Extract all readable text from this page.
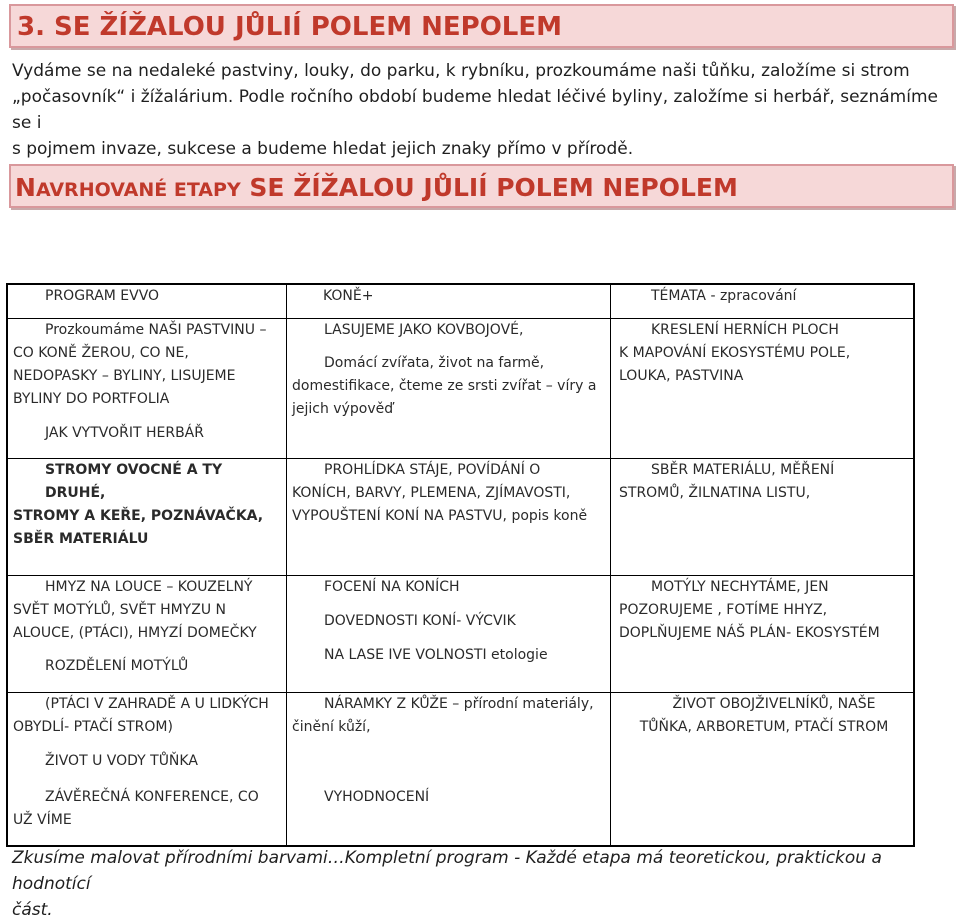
3. SE ŽÍŽALOU JŮLIÍ POLEM NEPOLEM

Vydáme se na nedaleké pastviny, louky, do parku, k rybníku, prozkoumáme naši tůňku, založíme si strom

„počasovník“ i žížalárium. Podle ročního období budeme hledat léčivé byliny, založíme si herbář, seznámíme se i

s pojmem invaze, sukcese a budeme hledat jejich znaky přímo v přírodě.

NAVRHOVANÉ ETAPY SE ŽÍŽALOU JŮLIÍ POLEM NEPOLEM

PROGRAM EVVO	KONĚ+	TÉMATA - zpracování

Prozkoumáme NAŠI PASTVINU –

CO KONĚ ŽEROU, CO NE,

NEDOPASKY – BYLINY, LISUJEME

BYLINY DO PORTFOLIA

JAK VYTVOŘIT HERBÁŘ

LASUJEME JAKO KOVBOJOVÉ,

Domácí zvířata, život na farmě,

domestifikace, čteme ze srsti zvířat – víry a

jejich výpověď

KRESLENÍ HERNÍCH PLOCH

K MAPOVÁNÍ EKOSYSTÉMU POLE,

LOUKA, PASTVINA

STROMY OVOCNÉ A TY DRUHÉ,

STROMY A KEŘE, POZNÁVAČKA,

SBĚR MATERIÁLU

PROHLÍDKA STÁJE, POVÍDÁNÍ O

KONÍCH, BARVY, PLEMENA, ZJÍMAVOSTI,

VYPOUŠTENÍ KONÍ NA PASTVU, popis koně

SBĚR MATERIÁLU, MĚŘENÍ

STROMŮ, ŽILNATINA LISTU,

HMYZ NA LOUCE – KOUZELNÝ

SVĚT MOTÝLŮ, SVĚT HMYZU N

ALOUCE, (PTÁCI), HMYZÍ DOMEČKY

ROZDĚLENÍ MOTÝLŮ

FOCENÍ NA KONÍCH

DOVEDNOSTI KONÍ- VÝCVIK

NA LASE IVE VOLNOSTI etologie

MOTÝLY NECHYTÁME, JEN

POZORUJEME , FOTÍME HHYZ,

DOPLŇUJEME NÁŠ PLÁN- EKOSYSTÉM

(PTÁCI V ZAHRADĚ A U LIDKÝCH

OBYDLÍ- PTAČÍ STROM)

ŽIVOT U VODY TŮŇKA

ZÁVĚREČNÁ KONFERENCE, CO

UŽ VÍME

NÁRAMKY Z KŮŽE – přírodní materiály,

činění kůží,

VYHODNOCENÍ

ŽIVOT OBOJŽIVELNÍKŮ, NAŠE

TŮŇKA, ARBORETUM, PTAČÍ STROM

Zkusíme malovat přírodními barvami…Kompletní program - Každé etapa má teoretickou, praktickou a hodnotící
část.
